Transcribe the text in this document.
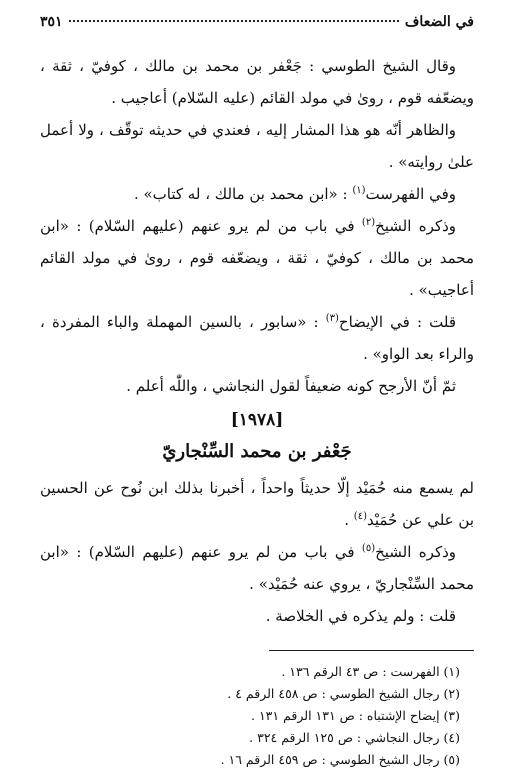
في الضعاف
٣٥١

وقال الشيخ الطوسي : جَعْفر بن محمد بن مالك ، كوفيّ ، ثقة ، ويضعّفه قوم ، رویٰ في مولد القائم (عليه السّلام) أعاجيب .

والظاهر أنّه هو هذا المشار إليه ، فعندي في حديثه توقّف ، ولا أعمل علىٰ روايته» .

وفي الفهرست$^{(١)}$ : «ابن محمد بن مالك ، له كتاب» .

وذكره الشيخ$^{(٢)}$ في باب من لم يرو عنهم (عليهم السّلام) : «ابن محمد بن مالك ، كوفيّ ، ثقة ، ويضعّفه قوم ، رویٰ في مولد القائم أعاجيب» .

قلت : في الإيضاح$^{(٣)}$ : «سابور ، بالسين المهملة والباء المفردة ، والراء بعد الواو» .

ثمّ أنّ الأرجح كونه ضعيفاً لقول النجاشي ، واللّٰه أعلم .

[١٩٧٨]
جَعْفر بن محمد السِّنْجاريّ

لم يسمع منه حُمَيْد إلّا حديثاً واحداً ، أخبرنا بذلك ابن نُوح عن الحسين بن علي عن حُمَيْد$^{(٤)}$ .

وذكره الشيخ$^{(٥)}$ في باب من لم يرو عنهم (عليهم السّلام) : «ابن محمد السِّنْجاريّ ، يروي عنه حُمَيْد» .

قلت : ولم يذكره في الخلاصة .

(١) الفهرست : ص ٤٣ الرقم ١٣٦ .
(٢) رجال الشيخ الطوسي : ص ٤٥٨ الرقم ٤ .
(٣) إيضاح الإشتباه : ص ١٣١ الرقم ١٣١ .
(٤) رجال النجاشي : ص ١٢٥ الرقم ٣٢٤ .
(٥) رجال الشيخ الطوسي : ص ٤٥٩ الرقم ١٦ .
